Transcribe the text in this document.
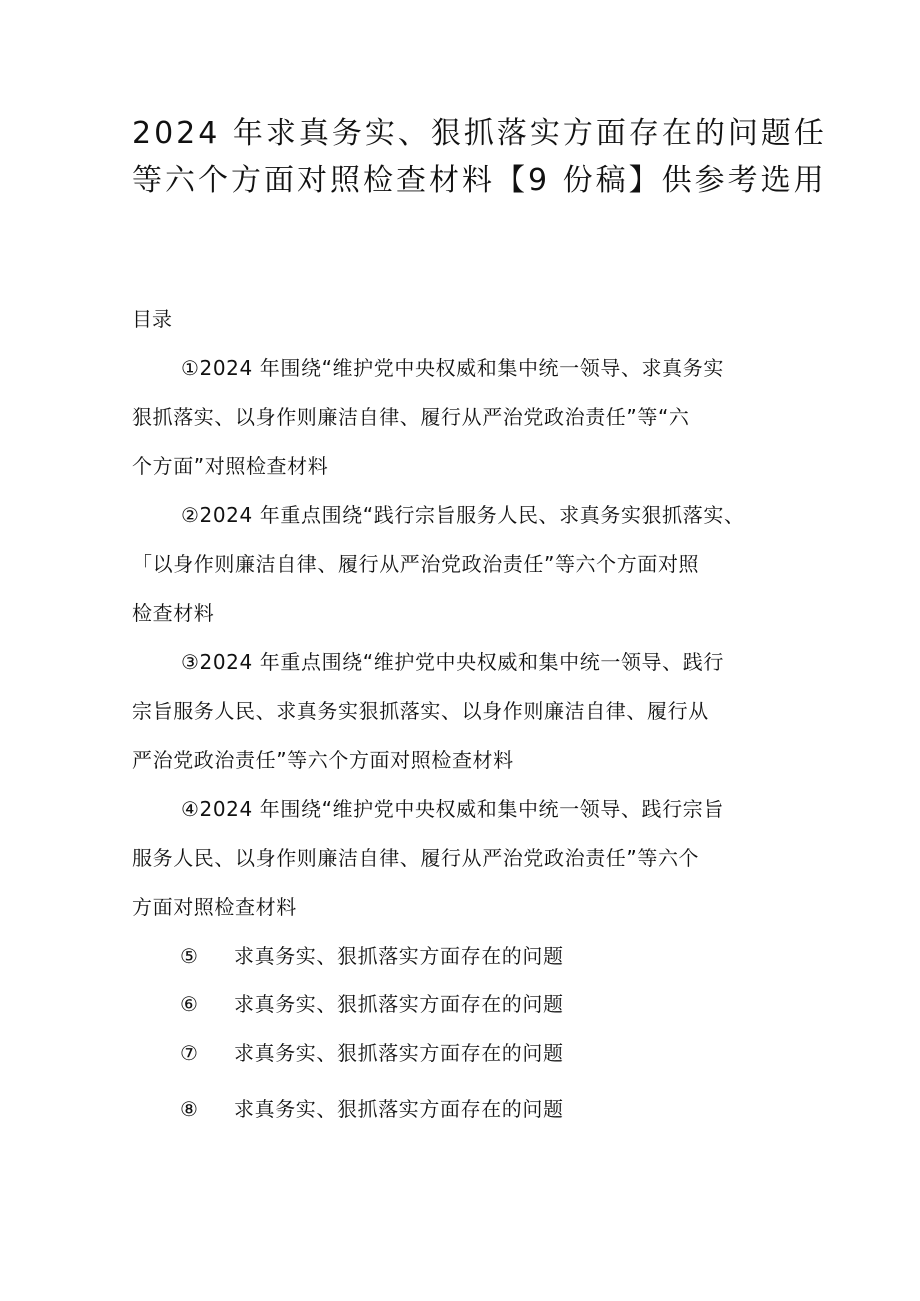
2024 年求真务实、狠抓落实方面存在的问题任
等六个方面对照检查材料【9 份稿】供参考选用
目录
①2024 年围绕“维护党中央权威和集中统一领导、求真务实
狠抓落实、以身作则廉洁自律、履行从严治党政治责任”等“六
个方面”对照检查材料
②2024 年重点围绕“践行宗旨服务人民、求真务实狠抓落实、
「以身作则廉洁自律、履行从严治党政治责任”等六个方面对照
检查材料
③2024 年重点围绕“维护党中央权威和集中统一领导、践行
宗旨服务人民、求真务实狠抓落实、以身作则廉洁自律、履行从
严治党政治责任”等六个方面对照检查材料
④2024 年围绕“维护党中央权威和集中统一领导、践行宗旨
服务人民、以身作则廉洁自律、履行从严治党政治责任”等六个
方面对照检查材料
⑤ 求真务实、狠抓落实方面存在的问题
⑥ 求真务实、狠抓落实方面存在的问题
⑦ 求真务实、狠抓落实方面存在的问题
⑧ 求真务实、狠抓落实方面存在的问题
